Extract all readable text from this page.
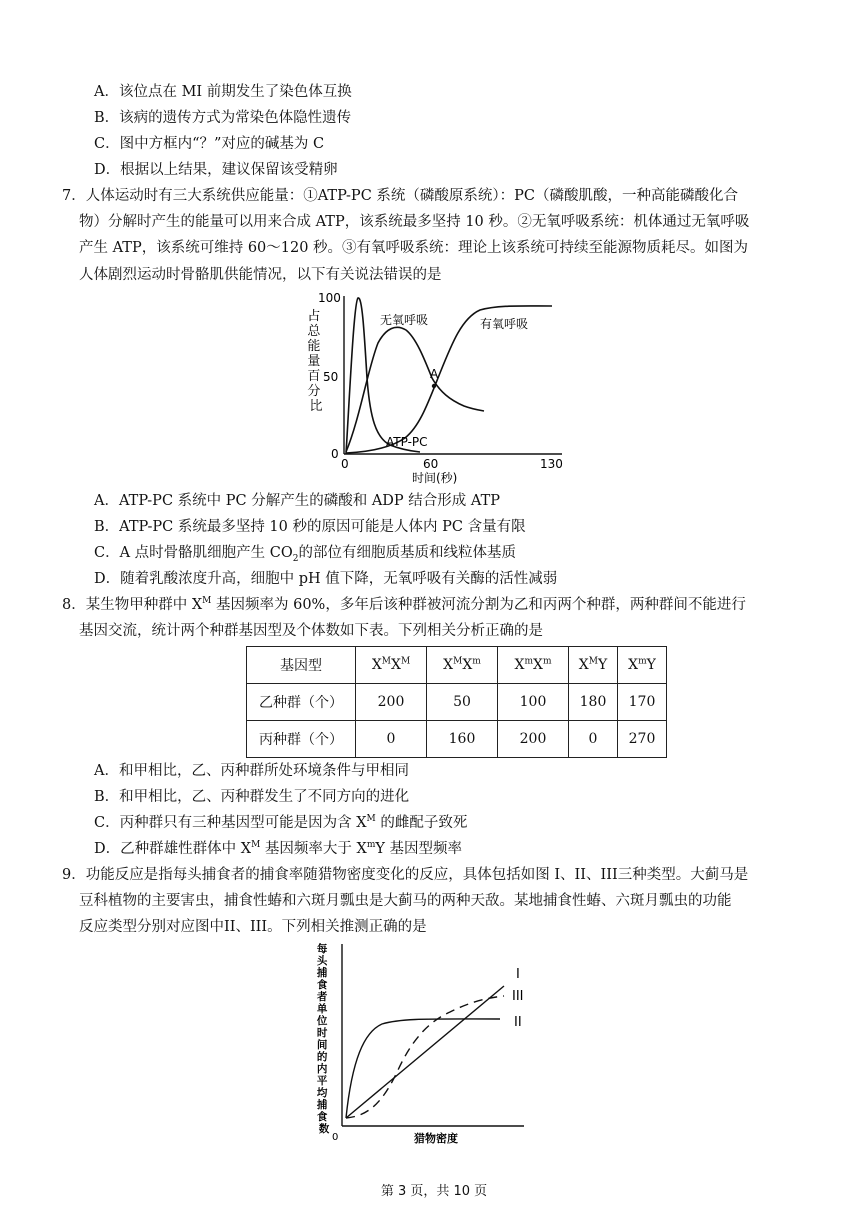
A．该位点在 MI 前期发生了染色体互换
B．该病的遗传方式为常染色体隐性遗传
C．图中方框内“？”对应的碱基为 C
D．根据以上结果，建议保留该受精卵
7．人体运动时有三大系统供应能量：①ATP-PC 系统（磷酸原系统）：PC（磷酸肌酸，一种高能磷酸化合
物）分解时产生的能量可以用来合成 ATP，该系统最多坚持 10 秒。②无氧呼吸系统：机体通过无氧呼吸
产生 ATP，该系统可维持 60～120 秒。③有氧呼吸系统：理论上该系统可持续至能源物质耗尽。如图为
人体剧烈运动时骨骼肌供能情况，以下有关说法错误的是
占 总 能 量 百 分 比
100
50
0
0	60	130
时间(秒)
A
无氧呼吸	有氧呼吸
ATP-PC
A．ATP-PC 系统中 PC 分解产生的磷酸和 ADP 结合形成 ATP
B．ATP-PC 系统最多坚持 10 秒的原因可能是人体内 PC 含量有限
C．A 点时骨骼肌细胞产生 $CO_2$的部位有细胞质基质和线粒体基质
D．随着乳酸浓度升高，细胞中 pH 值下降，无氧呼吸有关酶的活性减弱
8．某生物甲种群中 $X^M$ 基因频率为 60%，多年后该种群被河流分割为乙和丙两个种群，两种群间不能进行
基因交流，统计两个种群基因型及个体数如下表。下列相关分析正确的是
基因型	$X^MX^M$	$X^MX^m$	$X^mX^m$	$X^MY$	$X^mY$
乙种群（个）	200	50	100	180	170
丙种群（个）	0	160	200	0	270
A．和甲相比，乙、丙种群所处环境条件与甲相同
B．和甲相比，乙、丙种群发生了不同方向的进化
C．丙种群只有三种基因型可能是因为含 $X^M$ 的雌配子致死
D．乙种群雄性群体中 $X^M$ 基因频率大于 $X^mY$ 基因型频率
9．功能反应是指每头捕食者的捕食率随猎物密度变化的反应，具体包括如图 I、II、III三种类型。大蓟马是
豆科植物的主要害虫，捕食性蝽和六斑月瓢虫是大蓟马的两种天敌。某地捕食性蝽、六斑月瓢虫的功能
反应类型分别对应图中II、III。下列相关推测正确的是
每 头 捕 食 者 单 位 时 间 的 内 平 均 捕 食 数
0	猎物密度
I
III
II
第 3 页，共 10 页
